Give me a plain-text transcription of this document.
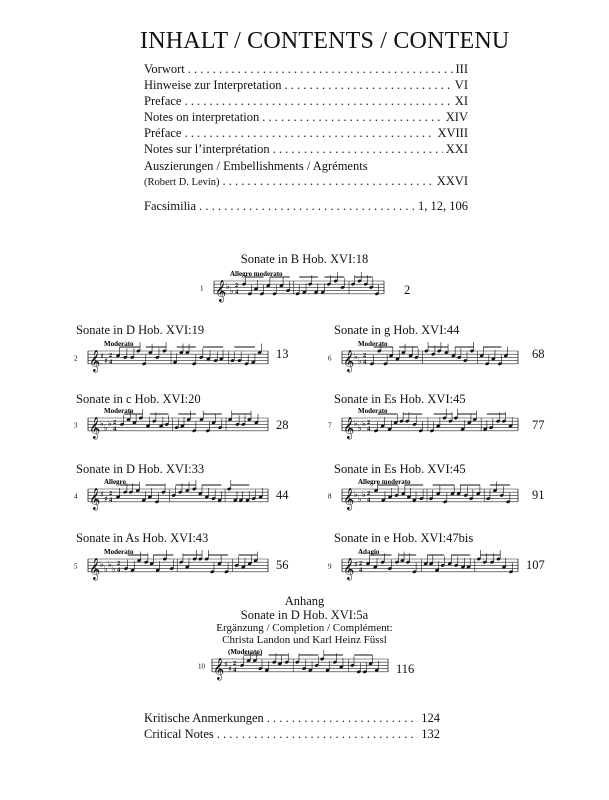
INHALT / CONTENTS / CONTENU
Vorwort . . .	III
Hinweise zur Interpretation . . .	VI
Preface . . .	XI
Notes on interpretation . . .	XIV
Préface . . .	XVIII
Notes sur l’interprétation . . .	XXI
Auszierungen / Embellishments / Agréments
(Robert D. Levin) . . .	XXVI
Facsimilia . . .	1, 12, 106
Sonate in B Hob. XVI:18
Allegro moderato
1 𝄞 ♭
♭
2
4	2
Sonate in D Hob. XVI:19
Moderato
2 𝄞 ♯
♯
2
4
13
Sonate in c Hob. XVI:20
Moderato
3 𝄞 ♭
♭
♭ 2
4	28
Sonate in D Hob. XVI:33
Allegro
4 𝄞 ♯
♯
2
4	44
Sonate in As Hob. XVI:43
Moderato
5 𝄞 ♭
♭
♭
♭
2
4	56
Sonate in g Hob. XVI:44
Moderato
6 𝄞 ♭
♭
2
4
68
Sonate in Es Hob. XVI:45
Moderato
7 𝄞 ♭
♭
♭ 2
4	77
Sonate in Es Hob. XVI:45
Allegro moderato
8 𝄞 ♭
♭
♭ 2
4	91
Sonate in e Hob. XVI:47bis
Adagio
9 𝄞 ♯ 2
4	107
Anhang
Sonate in D Hob. XVI:5a
Ergänzung / Completion / Complément:
Christa Landon und Karl Heinz Füssl
(Moderato)
10 𝄞 ♯
♯
2
4	116
Kritische Anmerkungen . . .	124
Critical Notes . . .	132
